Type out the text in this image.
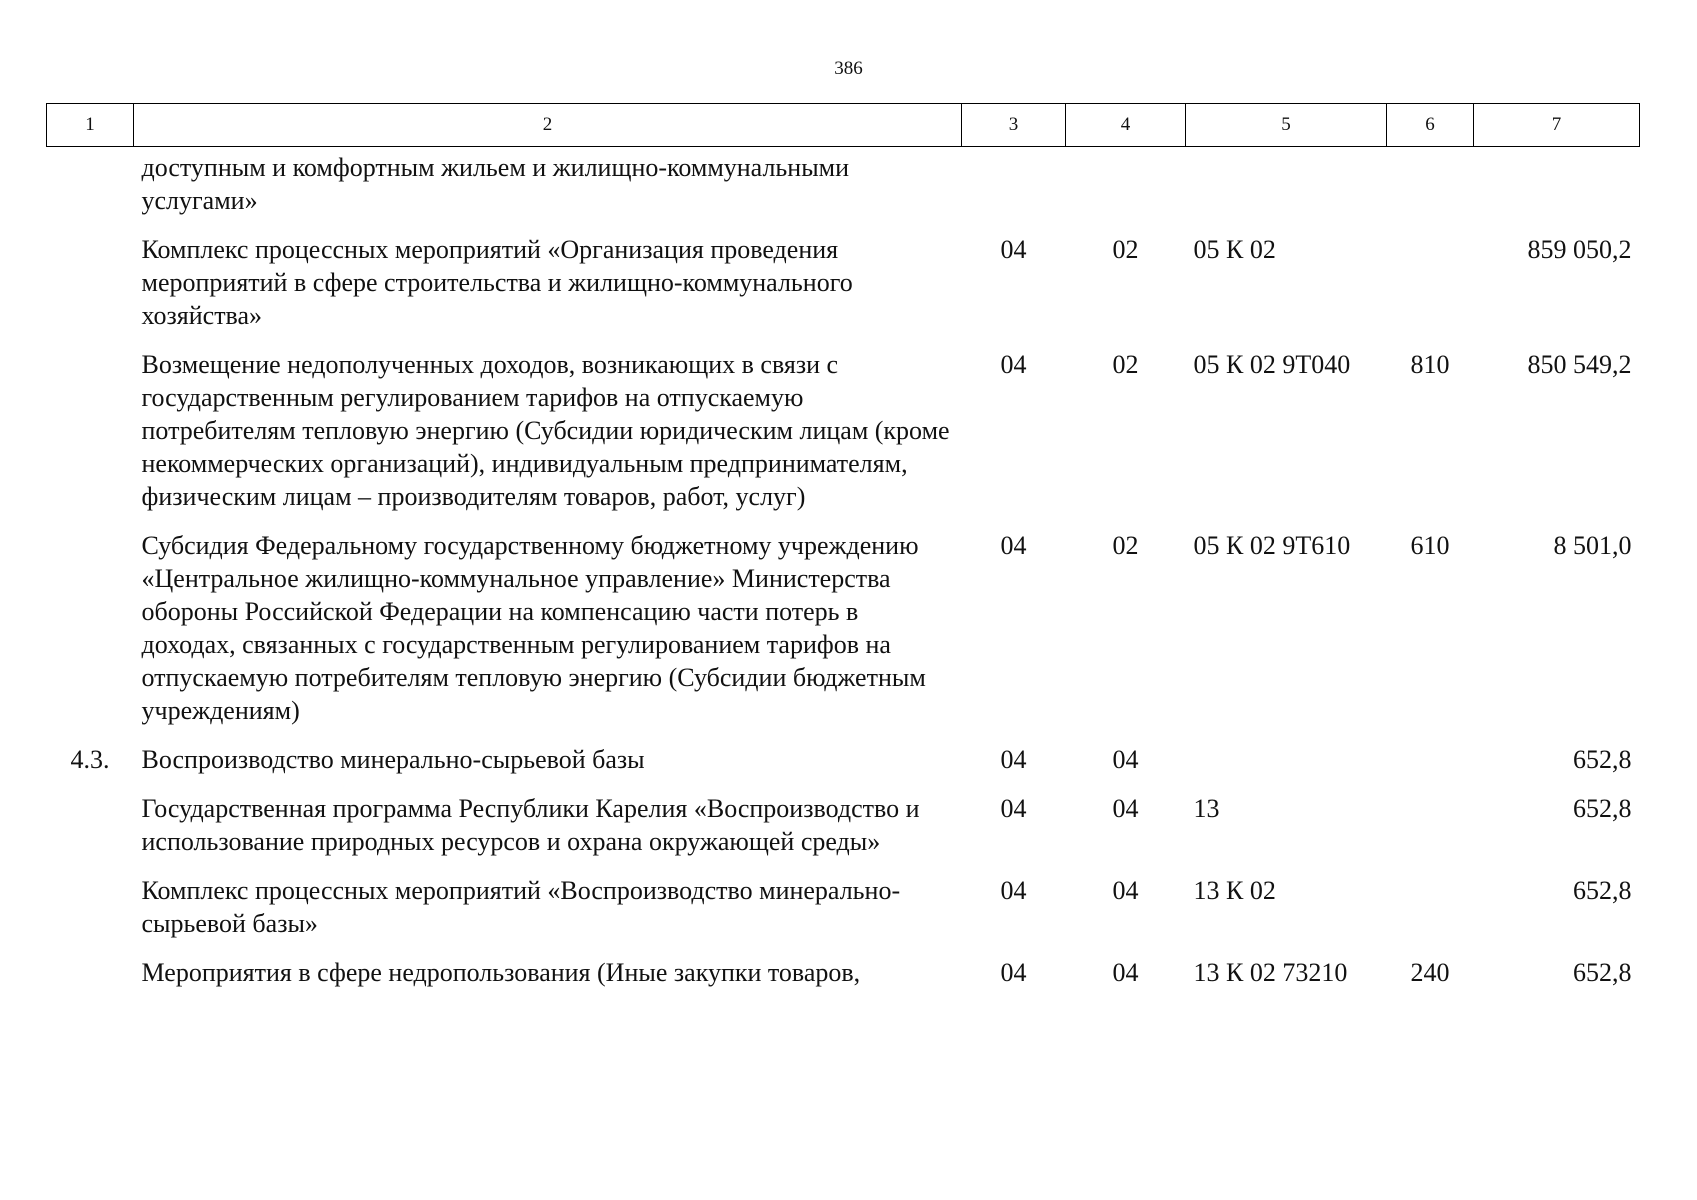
386
1	2	3	4	5	6	7
	доступным и комфортным жильем и жилищно-коммунальными услугами»					
	Комплекс процессных мероприятий «Организация проведения мероприятий в сфере строительства и жилищно-коммунального хозяйства»	04	02	05 К 02		859 050,2
	Возмещение недополученных доходов, возникающих в связи с государственным регулированием тарифов на отпускаемую потребителям тепловую энергию (Субсидии юридическим лицам (кроме некоммерческих организаций), индивидуальным предпринимателям, физическим лицам – производителям товаров, работ, услуг)	04	02	05 К 02 9Т040	810	850 549,2
	Субсидия Федеральному государственному бюджетному учреждению «Центральное жилищно-коммунальное управление» Министерства обороны Российской Федерации на компенсацию части потерь в доходах, связанных с государственным регулированием тарифов на отпускаемую потребителям тепловую энергию (Субсидии бюджетным учреждениям)	04	02	05 К 02 9Т610	610	8 501,0
4.3.	Воспроизводство минерально-сырьевой базы	04	04			652,8
	Государственная программа Республики Карелия «Воспроизводство и использование природных ресурсов и охрана окружающей среды»	04	04	13		652,8
	Комплекс процессных мероприятий «Воспроизводство минерально-сырьевой базы»	04	04	13 К 02		652,8
	Мероприятия в сфере недропользования (Иные закупки товаров,	04	04	13 К 02 73210	240	652,8
